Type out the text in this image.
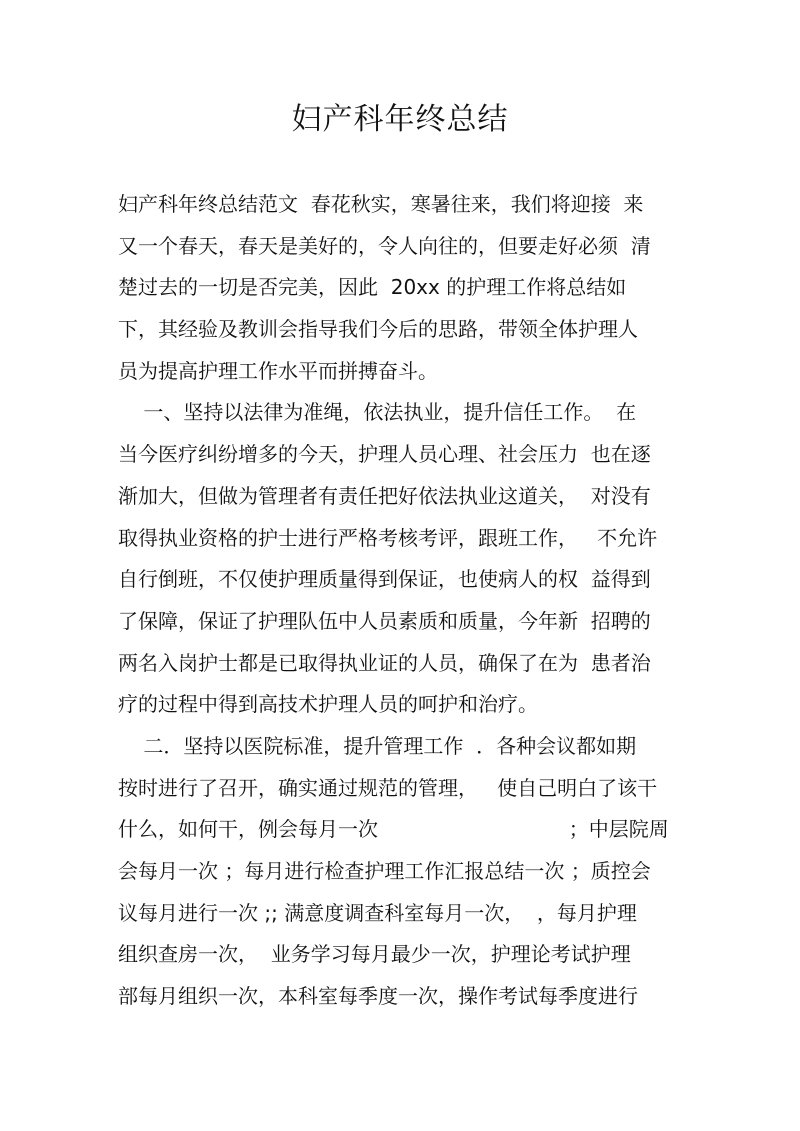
妇产科年终总结
妇产科年终总结范文  春花秋实，寒暑往来，我们将迎接  来
又一个春天，春天是美好的，令人向往的，但要走好必须  清
楚过去的一切是否完美，因此  20xx 的护理工作将总结如
下，其经验及教训会指导我们今后的思路，带领全体护理人
员为提高护理工作水平而拼搏奋斗。
一、坚持以法律为准绳，依法执业，提升信任工作。  在
当今医疗纠纷增多的今天，护理人员心理、社会压力  也在逐
渐加大，但做为管理者有责任把好依法执业这道关，  对没有
取得执业资格的护士进行严格考核考评，跟班工作，   不允许
自行倒班，不仅使护理质量得到保证，也使病人的权  益得到
了保障，保证了护理队伍中人员素质和质量，今年新  招聘的
两名入岗护士都是已取得执业证的人员，确保了在为  患者治
疗的过程中得到高技术护理人员的呵护和治疗。
二．坚持以医院标准，提升管理工作  ．各种会议都如期
按时进行了召开，确实通过规范的管理，   使自己明白了该干
什么，如何干，例会每月一次                              ；中层院周
会每月一次 ；每月进行检查护理工作汇报总结一次 ；质控会
议每月进行一次 ;; 满意度调查科室每月一次，  ，每月护理
组织查房一次，  业务学习每月最少一次，护理论考试护理
部每月组织一次，本科室每季度一次，操作考试每季度进行
